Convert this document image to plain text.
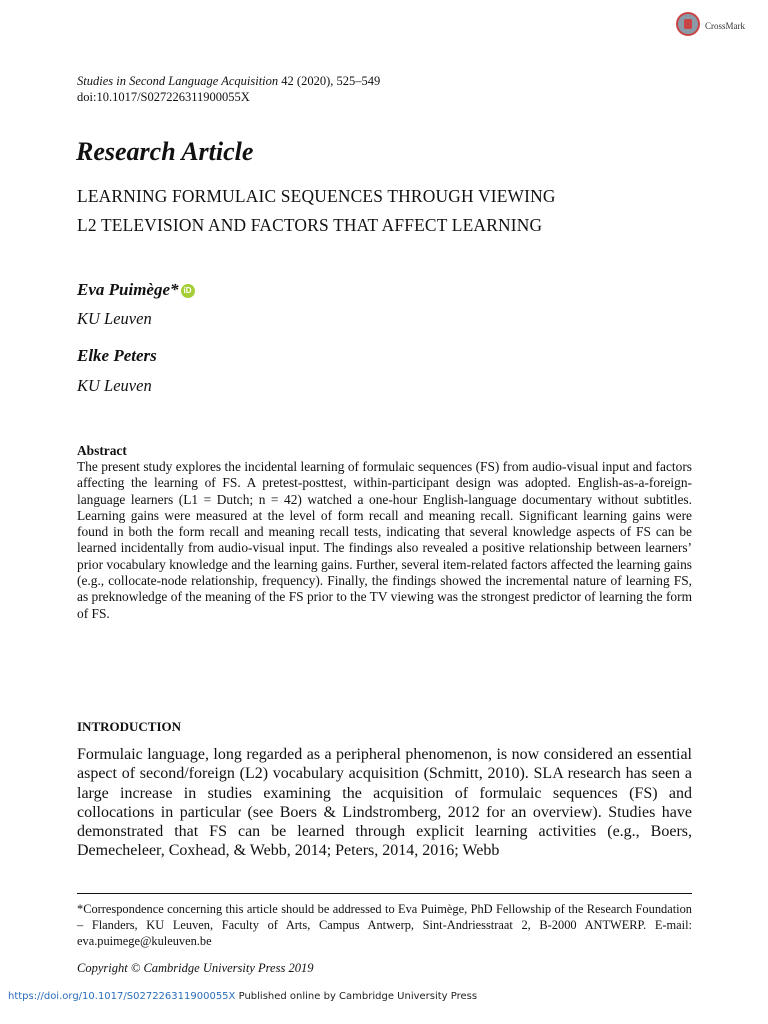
CrossMark
Studies in Second Language Acquisition 42 (2020), 525–549
doi:10.1017/S027226311900055X
Research Article
LEARNING FORMULAIC SEQUENCES THROUGH VIEWING
L2 TELEVISION AND FACTORS THAT AFFECT LEARNING
Eva Puimège* iD
KU Leuven
Elke Peters
KU Leuven
Abstract

The present study explores the incidental learning of formulaic sequences (FS) from audio-visual input and factors affecting the learning of FS. A pretest-posttest, within-participant design was adopted. English-as-a-foreign-language learners (L1 = Dutch; n = 42) watched a one-hour English-language documentary without subtitles. Learning gains were measured at the level of form recall and meaning recall. Significant learning gains were found in both the form recall and meaning recall tests, indicating that several knowledge aspects of FS can be learned incidentally from audio-visual input. The findings also revealed a positive relationship between learners’ prior vocabulary knowledge and the learning gains. Further, several item-related factors affected the learning gains (e.g., collocate-node relationship, frequency). Finally, the findings showed the incremental nature of learning FS, as preknowledge of the meaning of the FS prior to the TV viewing was the strongest predictor of learning the form of FS.

INTRODUCTION

Formulaic language, long regarded as a peripheral phenomenon, is now considered an essential aspect of second/foreign (L2) vocabulary acquisition (Schmitt, 2010). SLA research has seen a large increase in studies examining the acquisition of formulaic sequences (FS) and collocations in particular (see Boers & Lindstromberg, 2012 for an overview). Studies have demonstrated that FS can be learned through explicit learning activities (e.g., Boers, Demecheleer, Coxhead, & Webb, 2014; Peters, 2014, 2016; Webb

*Correspondence concerning this article should be addressed to Eva Puimège, PhD Fellowship of the Research Foundation – Flanders, KU Leuven, Faculty of Arts, Campus Antwerp, Sint-Andriesstraat 2, B-2000 ANTWERP. E-mail: eva.puimege@kuleuven.be

Copyright © Cambridge University Press 2019
https://doi.org/10.1017/S027226311900055X Published online by Cambridge University Press
